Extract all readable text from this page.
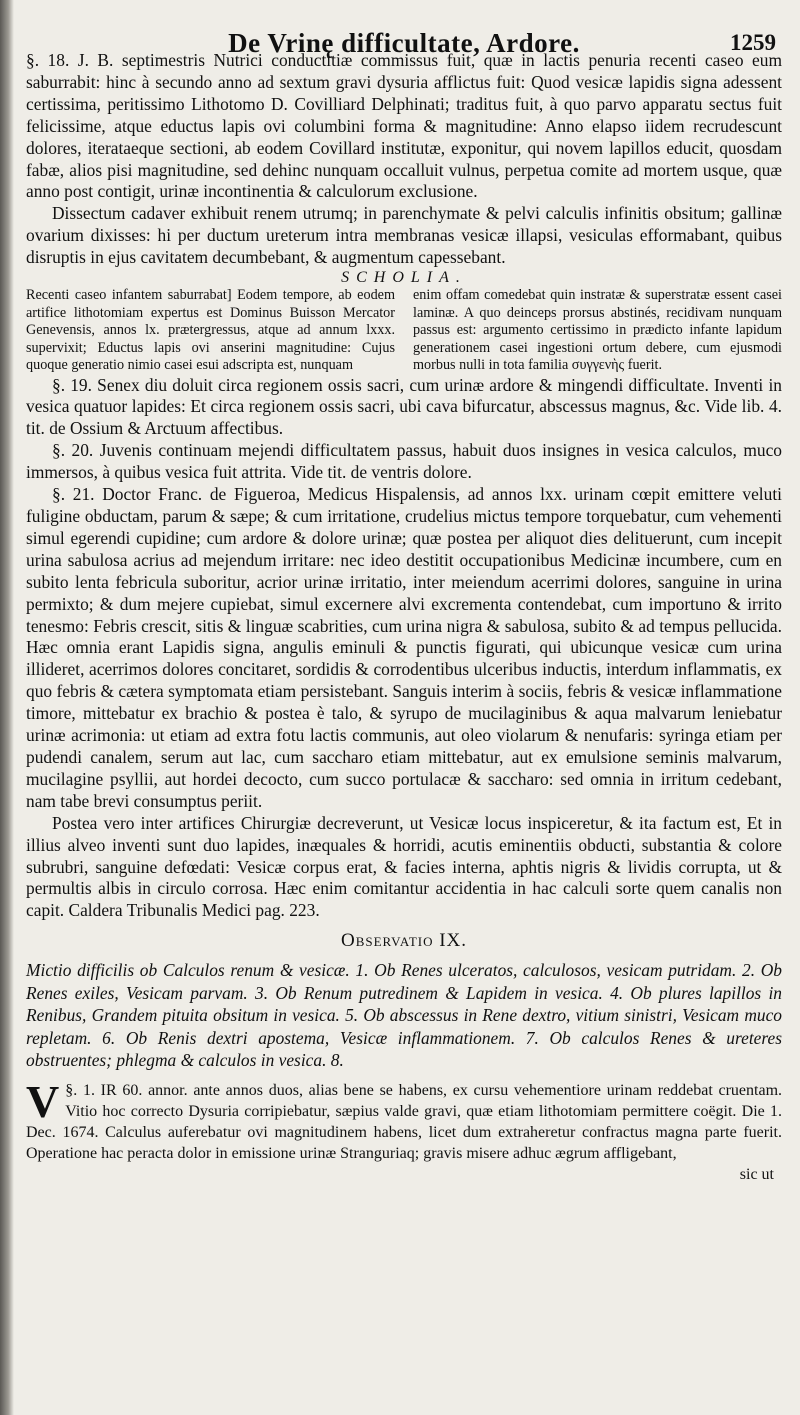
De Vrinę difficultate, Ardore.	1259

§. 18. J. B. septimestris Nutrici conductitiæ commissus fuit, quæ in lactis penuria recenti caseo eum saburrabit: hinc à secundo anno ad sextum gravi dysuria afflictus fuit: Quod vesicæ lapidis signa adessent certissima, peritissimo Lithotomo D. Covilliard Delphinati; traditus fuit, à quo parvo apparatu sectus fuit felicissime, atque eductus lapis ovi columbini forma & magnitudine: Anno elapso iidem recrudescunt dolores, iterataeque sectioni, ab eodem Covillard institutæ, exponitur, qui novem lapillos educit, quosdam fabæ, alios pisi magnitudine, sed dehinc nunquam occalluit vulnus, perpetua comite ad mortem usque, quæ anno post contigit, urinæ incontinentia & calculorum exclusione.

Dissectum cadaver exhibuit renem utrumq; in parenchymate & pelvi calculis infinitis obsitum; gallinæ ovarium dixisses: hi per ductum ureterum intra membranas vesicæ illapsi, vesiculas efformabant, quibus disruptis in ejus cavitatem decumbebant, & augmentum capessebant.

SCHOLIA.

Recenti caseo infantem saburrabat] Eodem tempore, ab eodem artifice lithotomiam expertus est Dominus Buisson Mercator Genevensis, annos lx. prætergressus, atque ad annum lxxx. supervixit; Eductus lapis ovi anserini magnitudine: Cujus quoque generatio nimio casei esui adscripta est, nunquam

enim offam comedebat quin instratæ & superstratæ essent casei laminæ. A quo deinceps prorsus abstinés, recidivam nunquam passus est: argumento certissimo in prædicto infante lapidum generationem casei ingestioni ortum debere, cum ejusmodi morbus nulli in tota familia συγγενὴς fuerit.

§. 19. Senex diu doluit circa regionem ossis sacri, cum urinæ ardore & mingendi difficultate. Inventi in vesica quatuor lapides: Et circa regionem ossis sacri, ubi cava bifurcatur, abscessus magnus, &c. Vide lib. 4. tit. de Ossium & Arctuum affectibus.

§. 20. Juvenis continuam mejendi difficultatem passus, habuit duos insignes in vesica calculos, muco immersos, à quibus vesica fuit attrita. Vide tit. de ventris dolore.

§. 21. Doctor Franc. de Figueroa, Medicus Hispalensis, ad annos lxx. urinam cœpit emittere veluti fuligine obductam, parum & sæpe; & cum irritatione, crudelius mictus tempore torquebatur, cum vehementi simul egerendi cupidine; cum ardore & dolore urinæ; quæ postea per aliquot dies delituerunt, cum incepit urina sabulosa acrius ad mejendum irritare: nec ideo destitit occupationibus Medicinæ incumbere, cum en subito lenta febricula suboritur, acrior urinæ irritatio, inter meiendum acerrimi dolores, sanguine in urina permixto; & dum mejere cupiebat, simul excernere alvi excrementa contendebat, cum importuno & irrito tenesmo: Febris crescit, sitis & linguæ scabrities, cum urina nigra & sabulosa, subito & ad tempus pellucida. Hæc omnia erant Lapidis signa, angulis eminuli & punctis figurati, qui ubicunque vesicæ cum urina illideret, acerrimos dolores concitaret, sordidis & corrodentibus ulceribus inductis, interdum inflammatis, ex quo febris & cætera symptomata etiam persistebant. Sanguis interim à sociis, febris & vesicæ inflammatione timore, mittebatur ex brachio & postea è talo, & syrupo de mucilaginibus & aqua malvarum leniebatur urinæ acrimonia: ut etiam ad extra fotu lactis communis, aut oleo violarum & nenufaris: syringa etiam per pudendi canalem, serum aut lac, cum saccharo etiam mittebatur, aut ex emulsione seminis malvarum, mucilagine psyllii, aut hordei decocto, cum succo portulacæ & saccharo: sed omnia in irritum cedebant, nam tabe brevi consumptus periit.

Postea vero inter artifices Chirurgiæ decreverunt, ut Vesicæ locus inspiceretur, & ita factum est, Et in illius alveo inventi sunt duo lapides, inæquales & horridi, acutis eminentiis obducti, substantia & colore subrubri, sanguine defœdati: Vesicæ corpus erat, & facies interna, aphtis nigris & lividis corrupta, ut & permultis albis in circulo corrosa. Hæc enim comitantur accidentia in hac calculi sorte quem canalis non capit. Caldera Tribunalis Medici pag. 223.

Observatio IX.

Mictio difficilis ob Calculos renum & vesicæ. 1. Ob Renes ulceratos, calculosos, vesicam putridam. 2. Ob Renes exiles, Vesicam parvam. 3. Ob Renum putredinem & Lapidem in vesica. 4. Ob plures lapillos in Renibus, Grandem pituita obsitum in vesica. 5. Ob abscessus in Rene dextro, vitium sinistri, Vesicam muco repletam. 6. Ob Renis dextri apostema, Vesicæ inflammationem. 7. Ob calculos Renes & ureteres obstruentes; phlegma & calculos in vesica. 8.

§. 1.
V	IR 60. annor. ante annos duos, alias bene se habens, ex cursu vehementiore urinam reddebat cruentam. Vitio hoc correcto Dysuria corripiebatur, sæpius valde gravi, quæ etiam lithotomiam permittere coëgit. Die 1. Dec. 1674. Calculus auferebatur ovi magnitudinem habens, licet dum extraheretur confractus magna parte fuerit. Operatione hac peracta dolor in emissione urinæ Stranguriaq; gravis misere adhuc ægrum affligebant,

sic ut
